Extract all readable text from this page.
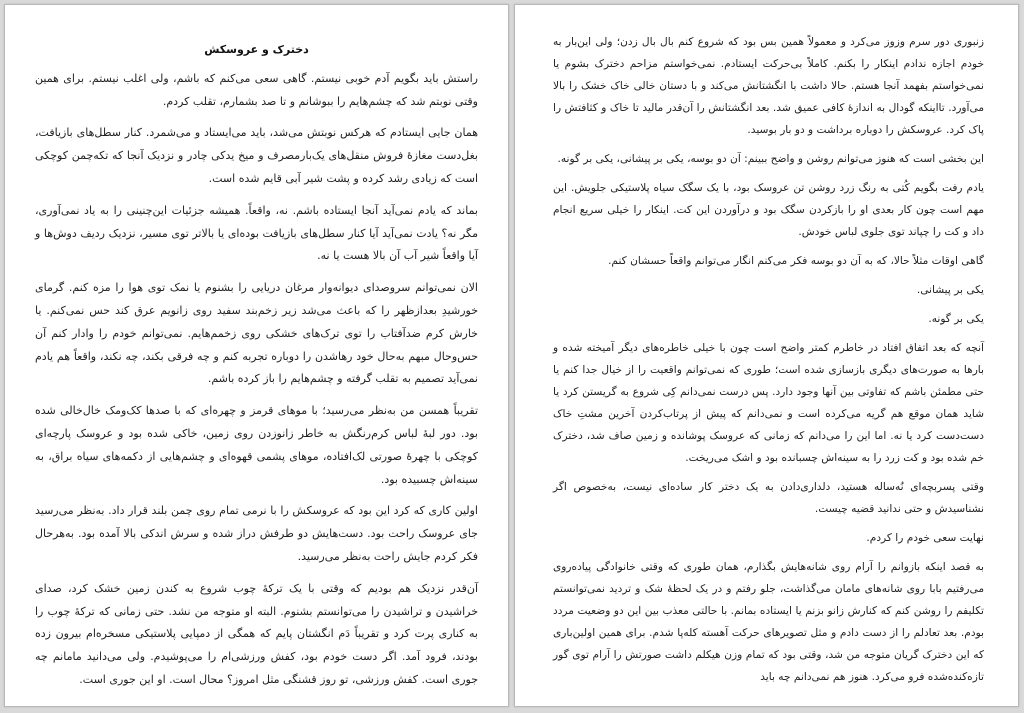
زنبوری دور سرم وزوز می‌کرد و معمولاً همین بس بود که شروع کنم بال بال زدن؛ ولی این‌بار به خودم اجازه ندادم اینکار را بکنم. کاملاً بی‌حرکت ایستادم. نمی‌خواستم مزاحم دخترک بشوم یا نمی‌خواستم بفهمد آنجا هستم. حالا داشت با انگشتانش می‌کند و با دستان خالی خاک خشک را بالا می‌آورد. تااینکه گودال به اندازهٔ کافی عمیق شد. بعد انگشتانش را آن‌قدر مالید تا خاک و کثافتش را پاک کرد. عروسکش را دوباره برداشت و دو بار بوسید.

این بخشی است که هنوز می‌توانم روشن و واضح ببینم: آن دو بوسه، یکی بر پیشانی، یکی بر گونه.

یادم رفت بگویم کُتی به رنگ زرد روشن تن عروسک بود، با یک سگک سیاه پلاستیکی جلویش. این مهم است چون کار بعدی او را بازکردن سگک بود و درآوردن این کت. اینکار را خیلی سریع انجام داد و کت را چپاند توی جلوی لباس خودش.

گاهی اوقات مثلاً حالا، که به آن دو بوسه فکر می‌کنم انگار می‌توانم واقعاً حسشان کنم.

یکی بر پیشانی.

یکی بر گونه.

آنچه که بعد اتفاق افتاد در خاطرم کمتر واضح است چون با خیلی خاطره‌های دیگر آمیخته شده و بارها به صورت‌های دیگری بازسازی شده است؛ طوری که نمی‌توانم واقعیت را از خیال جدا کنم یا حتی مطمئن باشم که تفاوتی بین آنها وجود دارد. پس درست نمی‌دانم کِی شروع به گریستن کرد یا شاید همان موقع هم گریه می‌کرده است و نمی‌دانم که پیش از پرتاب‌کردن آخرین مشتِ خاک دست‌دست کرد یا نه. اما این را می‌دانم که زمانی که عروسک پوشانده و زمین صاف شد، دخترک خم شده بود و کت زرد را به سینه‌اش چسبانده بود و اشک می‌ریخت.

وقتی پسربچه‌ای نُه‌ساله هستید، دلداری‌دادن به یک دختر کار ساده‌ای نیست، به‌خصوص اگر نشناسیدش و حتی ندانید قضیه چیست.

نهایت سعی خودم را کردم.

به قصد اینکه بازوانم را آرام روی شانه‌هایش بگذارم، همان طوری که وقتی خانوادگی پیاده‌روی می‌رفتیم بابا روی شانه‌های مامان می‌گذاشت، جلو رفتم و در یک لحظهٔ شک و تردید نمی‌توانستم تکلیفم را روشن کنم که کنارش زانو بزنم یا ایستاده بمانم. با حالتی معذب بین این دو وضعیت مردد بودم. بعد تعادلم را از دست دادم و مثل تصویرهای حرکت آهسته کله‌پا شدم. برای همین اولین‌باری که این دخترک گریان متوجه من شد، وقتی بود که تمام وزن هیکلم داشت صورتش را آرام توی گور تازه‌کنده‌شده فرو می‌کرد. هنوز هم نمی‌دانم چه باید

دخترک و عروسکش

راستش باید بگویم آدم خوبی نیستم. گاهی سعی می‌کنم که باشم، ولی اغلب نیستم. برای همین وقتی نوبتم شد که چشم‌هایم را ببوشانم و تا صد بشمارم، تقلب کردم.

همان جایی ایستادم که هرکس نوبتش می‌شد، باید می‌ایستاد و می‌شمرد. کنار سطل‌های بازیافت، بغل‌دست مغازهٔ فروش منقل‌های یک‌بارمصرف و میخ یدکی چادر و نزدیک آنجا که تکه‌چمن کوچکی است که زیادی رشد کرده و پشت شیر آبی قایم شده است.

بماند که یادم نمی‌آید آنجا ایستاده باشم. نه، واقعاً. همیشه جزئیات این‌چنینی را به یاد نمی‌آوری، مگر نه؟ یادت نمی‌آید آیا کنار سطل‌های بازیافت بوده‌ای یا بالاتر توی مسیر، نزدیک ردیف دوش‌ها و آیا واقعاً شیر آب آن بالا هست یا نه.

الان نمی‌توانم سروصدای دیوانه‌وار مرغان دریایی را بشنوم یا نمک توی هوا را مزه کنم. گرمای خورشیدِ بعدازظهر را که باعث می‌شد زیر زخم‌بند سفید روی زانویم عرق کند حس نمی‌کنم. یا خارش کرم ضدآفتاب را توی ترک‌های خشکی روی زخمم‌هایم. نمی‌توانم خودم را وادار کنم آن حس‌وحال مبهم به‌حال خود رهاشدن را دوباره تجربه کنم و چه فرقی بکند، چه نکند، واقعاً هم یادم نمی‌آید تصمیم به تقلب گرفته و چشم‌هایم را باز کرده باشم.

تقریباً همسن من به‌نظر می‌رسید؛ با موهای قرمز و چهره‌ای که با صدها کک‌ومک خال‌خالی شده بود. دور لبهٔ لباس کرم‌رنگش به خاطر زانوزدن روی زمین، خاکی شده بود و عروسک پارچه‌ای کوچکی با چهرهٔ صورتی لک‌افتاده، موهای پشمی قهوه‌ای و چشم‌هایی از دکمه‌های سیاه براق، به سینه‌اش چسبیده بود.

اولین کاری که کرد این بود که عروسکش را با نرمی تمام روی چمن بلند قرار داد. به‌نظر می‌رسید جای عروسک راحت بود. دست‌هایش دو طرفش دراز شده و سرش اندکی بالا آمده بود. به‌هرحال فکر کردم جایش راحت به‌نظر می‌رسید.

آن‌قدر نزدیک هم بودیم که وقتی با یک ترکهٔ چوب شروع به کندن زمین خشک کرد، صدای خراشیدن و تراشیدن را می‌توانستم بشنوم. البته او متوجه من نشد. حتی زمانی که ترکهٔ چوب را به کناری پرت کرد و تقریباً دَم انگشتان پایم که همگی از دمپایی پلاستیکی مسخره‌ام بیرون زده بودند، فرود آمد. اگر دست خودم بود، کفش ورزشی‌ام را می‌پوشیدم. ولی می‌دانید مامانم چه جوری است. کفش ورزشی، تو روز قشنگی مثل امروز؟ محال است. او این جوری است.
